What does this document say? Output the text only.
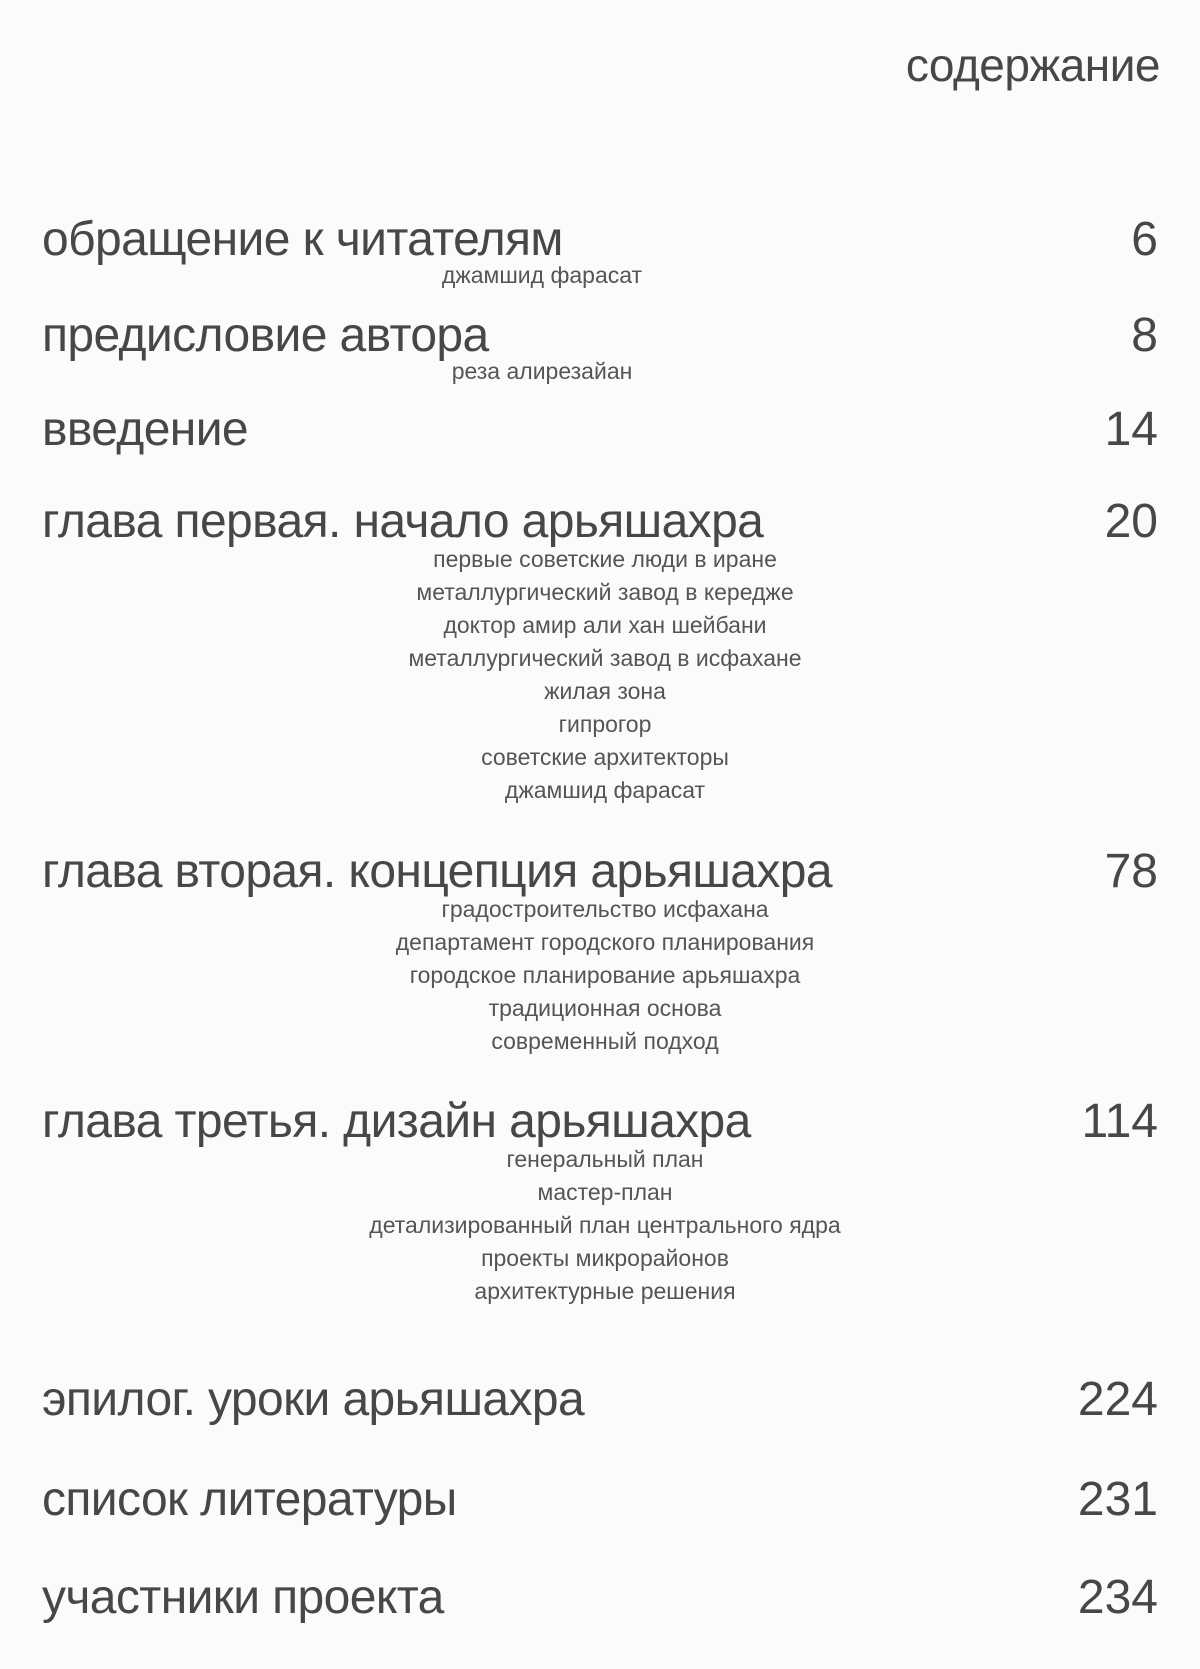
содержание
обращение к читателям	6
джамшид фарасат
предисловие автора	8
реза алирезайан
введение	14
глава первая. начало арьяшахра	20
первые советские люди в иране
металлургический завод в кередже
доктор амир али хан шейбани
металлургический завод в исфахане
жилая зона
гипрогор
советские архитекторы
джамшид фарасат
глава вторая. концепция арьяшахра	78
градостроительство исфахана
департамент городского планирования
городское планирование арьяшахра
традиционная основа
современный подход
глава третья. дизайн арьяшахра	114
генеральный план
мастер-план
детализированный план центрального ядра
проекты микрорайонов
архитектурные решения
эпилог. уроки арьяшахра	224
список литературы	231
участники проекта	234
